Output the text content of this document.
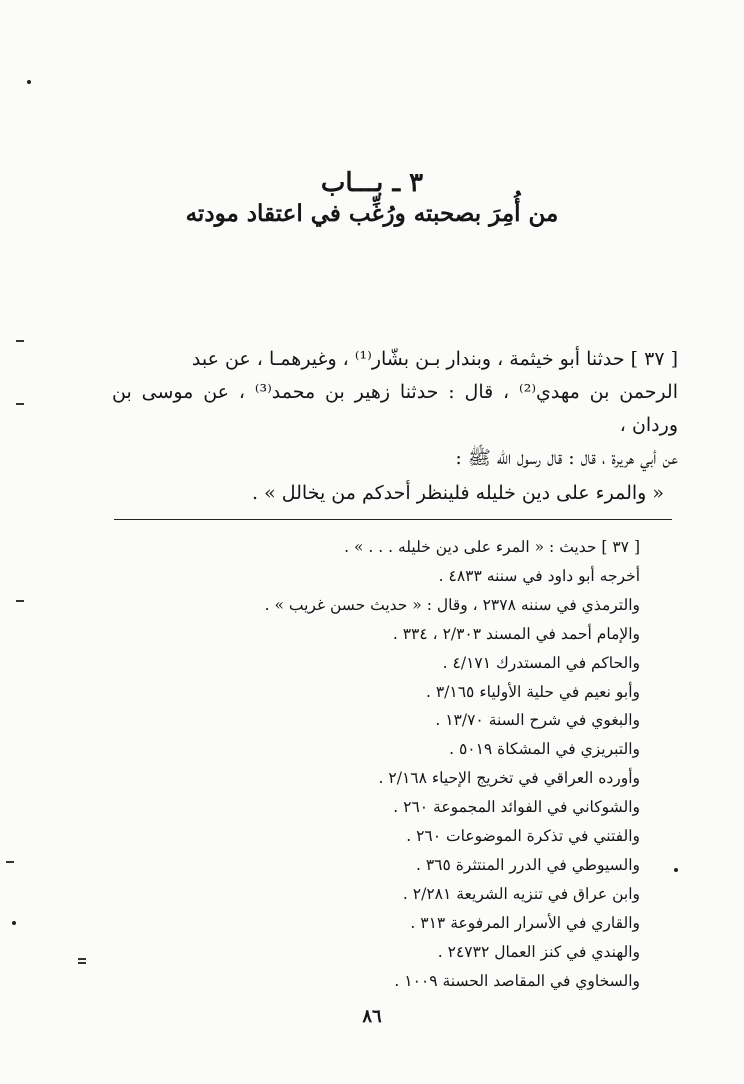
٣ ـ بـــاب
من أُمِرَ بصحبته ورُغِّب في اعتقاد مودته

[ ٣٧ ] حدثنا أبو خيثمة ، وبندار بـن بشّار⁽¹⁾ ، وغيرهمـا ، عن عبد

الرحمن بن مهدي⁽²⁾ ، قال : حدثنا زهير بن محمد⁽³⁾ ، عن موسى بن وردان ،

عن أبي هريرة ، قال : قال رسول الله ﷺ :

« والمرء على دين خليله فلينظر أحدكم من يخالل » .

[ ٣٧ ] حديث : « المرء على دين خليله . . . » .
أخرجه أبو داود في سننه ٤٨٣٣ .
والترمذي في سننه ٢٣٧٨ ، وقال : « حديث حسن غريب » .
والإمام أحمد في المسند ٢/٣٠٣ ، ٣٣٤ .
والحاكم في المستدرك ٤/١٧١ .
وأبو نعيم في حلية الأولياء ٣/١٦٥ .
والبغوي في شرح السنة ١٣/٧٠ .
والتبريزي في المشكاة ٥٠١٩ .
وأورده العراقي في تخريج الإحياء ٢/١٦٨ .
والشوكاني في الفوائد المجموعة ٢٦٠ .
والفتني في تذكرة الموضوعات ٢٦٠ .
والسيوطي في الدرر المنتثرة ٣٦٥ .
وابن عراق في تنزيه الشريعة ٢/٢٨١ .
والقاري في الأسرار المرفوعة ٣١٣ .
والهندي في كنز العمال ٢٤٧٣٢ .
والسخاوي في المقاصد الحسنة ١٠٠٩ .
٨٦
